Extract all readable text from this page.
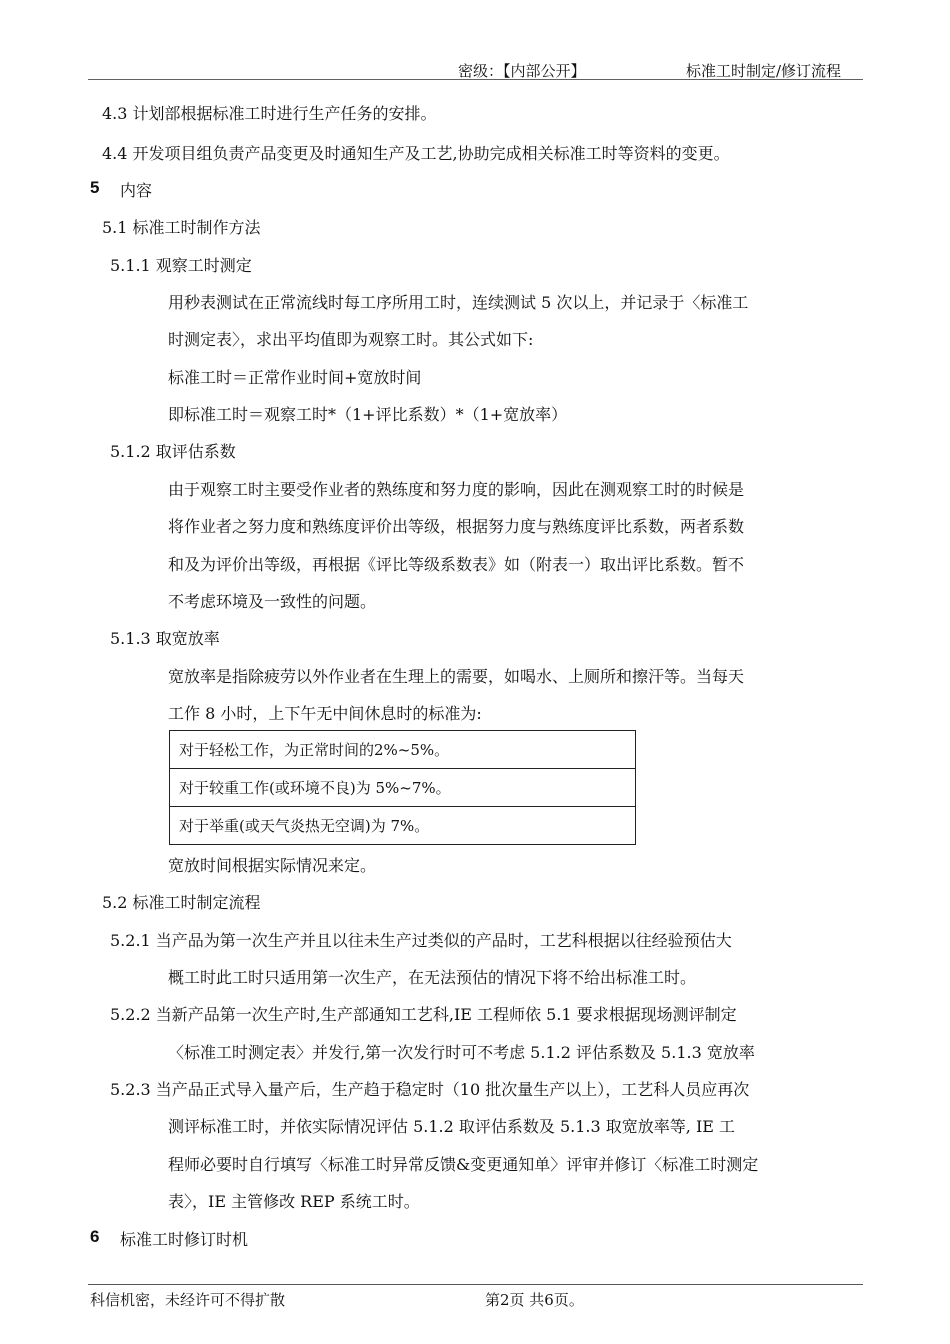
密级：【内部公开】	标准工时制定/修订流程
4.3 计划部根据标准工时进行生产任务的安排。
4.4 开发项目组负责产品变更及时通知生产及工艺,协助完成相关标准工时等资料的变更。
5 内容
5.1 标准工时制作方法
5.1.1 观察工时测定
用秒表测试在正常流线时每工序所用工时，连续测试 5 次以上，并记录于〈标准工
时测定表〉，求出平均值即为观察工时。其公式如下:
标准工时＝正常作业时间+宽放时间
即标准工时＝观察工时*（1+评比系数）*（1+宽放率）
5.1.2 取评估系数
由于观察工时主要受作业者的熟练度和努力度的影响，因此在测观察工时的时候是
将作业者之努力度和熟练度评价出等级，根据努力度与熟练度评比系数，两者系数
和及为评价出等级，再根据《评比等级系数表》如（附表一）取出评比系数。暂不
不考虑环境及一致性的问题。
5.1.3 取宽放率
宽放率是指除疲劳以外作业者在生理上的需要，如喝水、上厕所和擦汗等。当每天
工作 8 小时，上下午无中间休息时的标准为:
对于轻松工作，为正常时间的2%~5%。
对于较重工作(或环境不良)为 5%~7%。
对于举重(或天气炎热无空调)为 7%。
宽放时间根据实际情况来定。
5.2 标准工时制定流程
5.2.1 当产品为第一次生产并且以往未生产过类似的产品时，工艺科根据以往经验预估大
概工时此工时只适用第一次生产，在无法预估的情况下将不给出标准工时。
5.2.2 当新产品第一次生产时,生产部通知工艺科,IE 工程师依 5.1 要求根据现场测评制定
〈标准工时测定表〉并发行,第一次发行时可不考虑 5.1.2 评估系数及 5.1.3 宽放率
5.2.3 当产品正式导入量产后，生产趋于稳定时（10 批次量生产以上），工艺科人员应再次
测评标准工时，并依实际情况评估 5.1.2 取评估系数及 5.1.3 取宽放率等, IE 工
程师必要时自行填写〈标准工时异常反馈&变更通知单〉评审并修订〈标准工时测定
表〉，IE 主管修改 REP 系统工时。
6 标准工时修订时机
科信机密，未经许可不得扩散	第2页 共6页。
